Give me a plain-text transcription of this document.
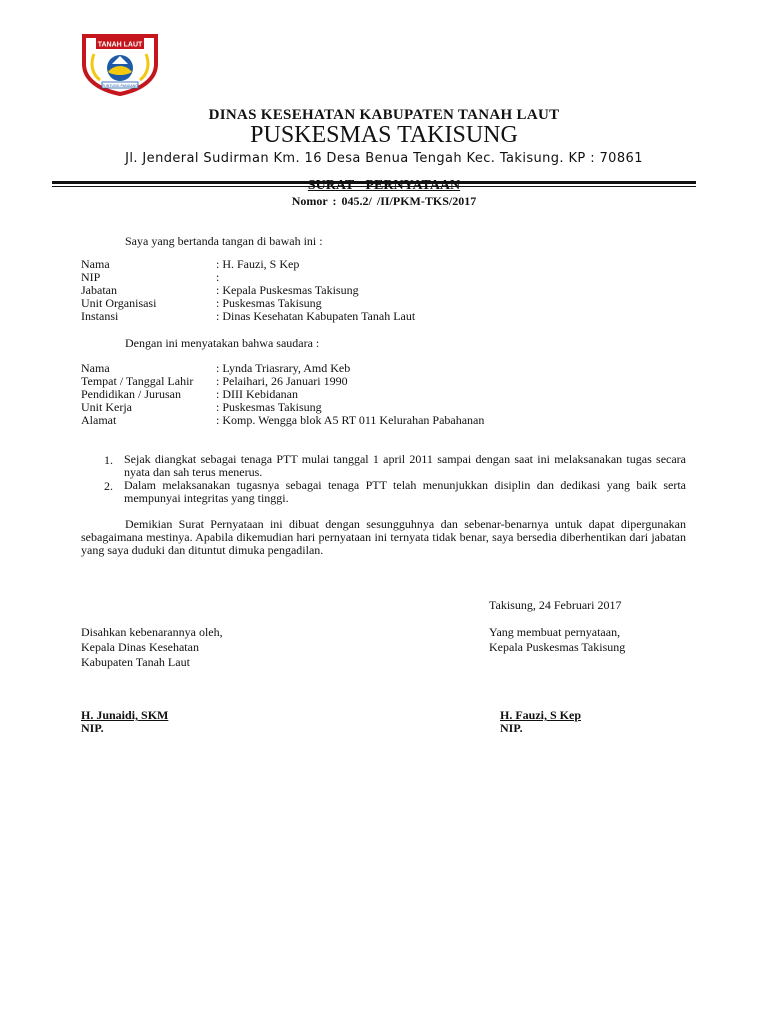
TANAH LAUT
TUNTUNG PANDANG
DINAS KESEHATAN KABUPATEN TANAH LAUT
PUSKESMAS TAKISUNG
Jl. Jenderal Sudirman Km. 16 Desa Benua Tengah Kec. Takisung. KP : 70861
SURAT PERNYATAAN
Nomor : 045.2/ /II/PKM-TKS/2017
Saya yang bertanda tangan di bawah ini :
Nama	: H. Fauzi, S Kep
NIP	:
Jabatan	: Kepala Puskesmas Takisung
Unit Organisasi	: Puskesmas Takisung
Instansi	: Dinas Kesehatan Kabupaten Tanah Laut
Dengan ini menyatakan bahwa saudara :
Nama	: Lynda Triasrary, Amd Keb
Tempat / Tanggal Lahir : Pelaihari, 26 Januari 1990
Pendidikan / Jurusan	: DIII Kebidanan
Unit Kerja	: Puskesmas Takisung
Alamat	: Komp. Wengga blok A5 RT 011 Kelurahan Pabahanan
1. Sejak diangkat sebagai tenaga PTT mulai tanggal 1 april 2011 sampai dengan saat ini melaksanakan tugas secara nyata dan sah terus menerus.
2. Dalam melaksanakan tugasnya sebagai tenaga PTT telah menunjukkan disiplin dan dedikasi yang baik serta mempunyai integritas yang tinggi.
Demikian Surat Pernyataan ini dibuat dengan sesungguhnya dan sebenar-benarnya untuk dapat dipergunakan sebagaimana mestinya. Apabila dikemudian hari pernyataan ini ternyata tidak benar, saya bersedia diberhentikan dari jabatan yang saya duduki dan dituntut dimuka pengadilan.
Takisung, 24 Februari 2017
Disahkan kebenarannya oleh,
Kepala Dinas Kesehatan
Kabupaten Tanah Laut
H. Junaidi, SKM
NIP.
Yang membuat pernyataan,
Kepala Puskesmas Takisung
H. Fauzi, S Kep
NIP.
